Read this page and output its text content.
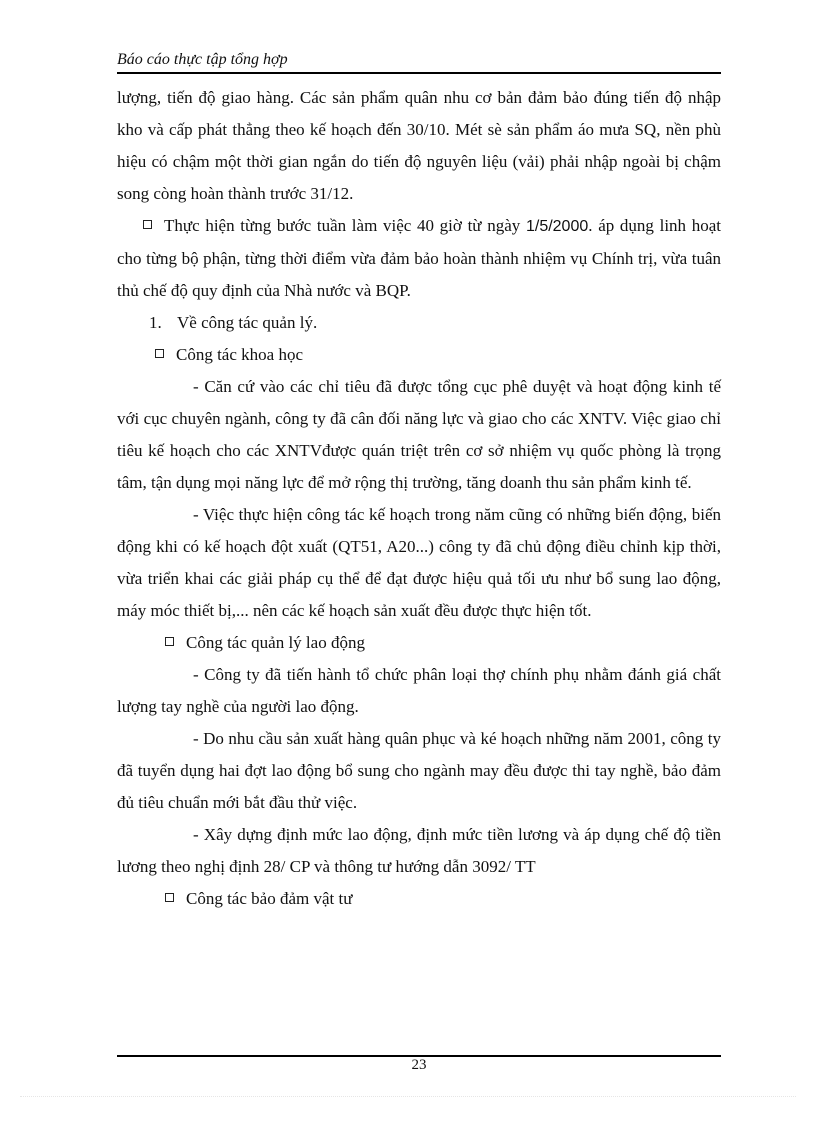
Báo cáo thực tập tổng hợp

lượng, tiến độ giao hàng. Các sản phẩm quân nhu cơ bản đảm bảo đúng tiến độ nhập kho và cấp phát thẳng theo kế hoạch đến 30/10. Mét sè sản phẩm áo mưa SQ, nền phù hiệu có chậm một thời gian ngắn do tiến độ nguyên liệu (vải) phải nhập ngoài bị chậm song còng hoàn thành trước 31/12.

Thực hiện từng bước tuần làm việc 40 giờ từ ngày 1/5/2000. áp dụng linh hoạt cho từng bộ phận, từng thời điểm vừa đảm bảo hoàn thành nhiệm vụ Chính trị, vừa tuân thủ chế độ quy định của Nhà nước và BQP.

1. Về công tác quản lý.

Công tác khoa học

- Căn cứ vào các chỉ tiêu đã được tổng cục phê duyệt và hoạt động kinh tế với cục chuyên ngành, công ty đã cân đối năng lực và giao cho các XNTV. Việc giao chỉ tiêu kế hoạch cho các XNTVđược quán triệt trên cơ sở nhiệm vụ quốc phòng là trọng tâm, tận dụng mọi năng lực để mở rộng thị trường, tăng doanh thu sản phẩm kinh tế.

- Việc thực hiện công tác kế hoạch trong năm cũng có những biến động, biến động khi có kế hoạch đột xuất (QT51, A20...) công ty đã chủ động điều chỉnh kịp thời, vừa triển khai các giải pháp cụ thể để đạt được hiệu quả tối ưu như bổ sung lao động, máy móc thiết bị,... nên các kế hoạch sản xuất đều được thực hiện tốt.

Công tác quản lý lao động

- Công ty đã tiến hành tổ chức phân loại thợ chính phụ nhằm đánh giá chất lượng tay nghề của người lao động.

- Do nhu cầu sản xuất hàng quân phục và ké hoạch những năm 2001, công ty đã tuyển dụng hai đợt lao động bổ sung cho ngành may đều được thi tay nghề, bảo đảm đủ tiêu chuẩn mới bắt đầu thử việc.

- Xây dựng định mức lao động, định mức tiền lương và áp dụng chế độ tiền lương theo nghị định 28/ CP và thông tư hướng dẫn 3092/ TT

Công tác bảo đảm vật tư

23
